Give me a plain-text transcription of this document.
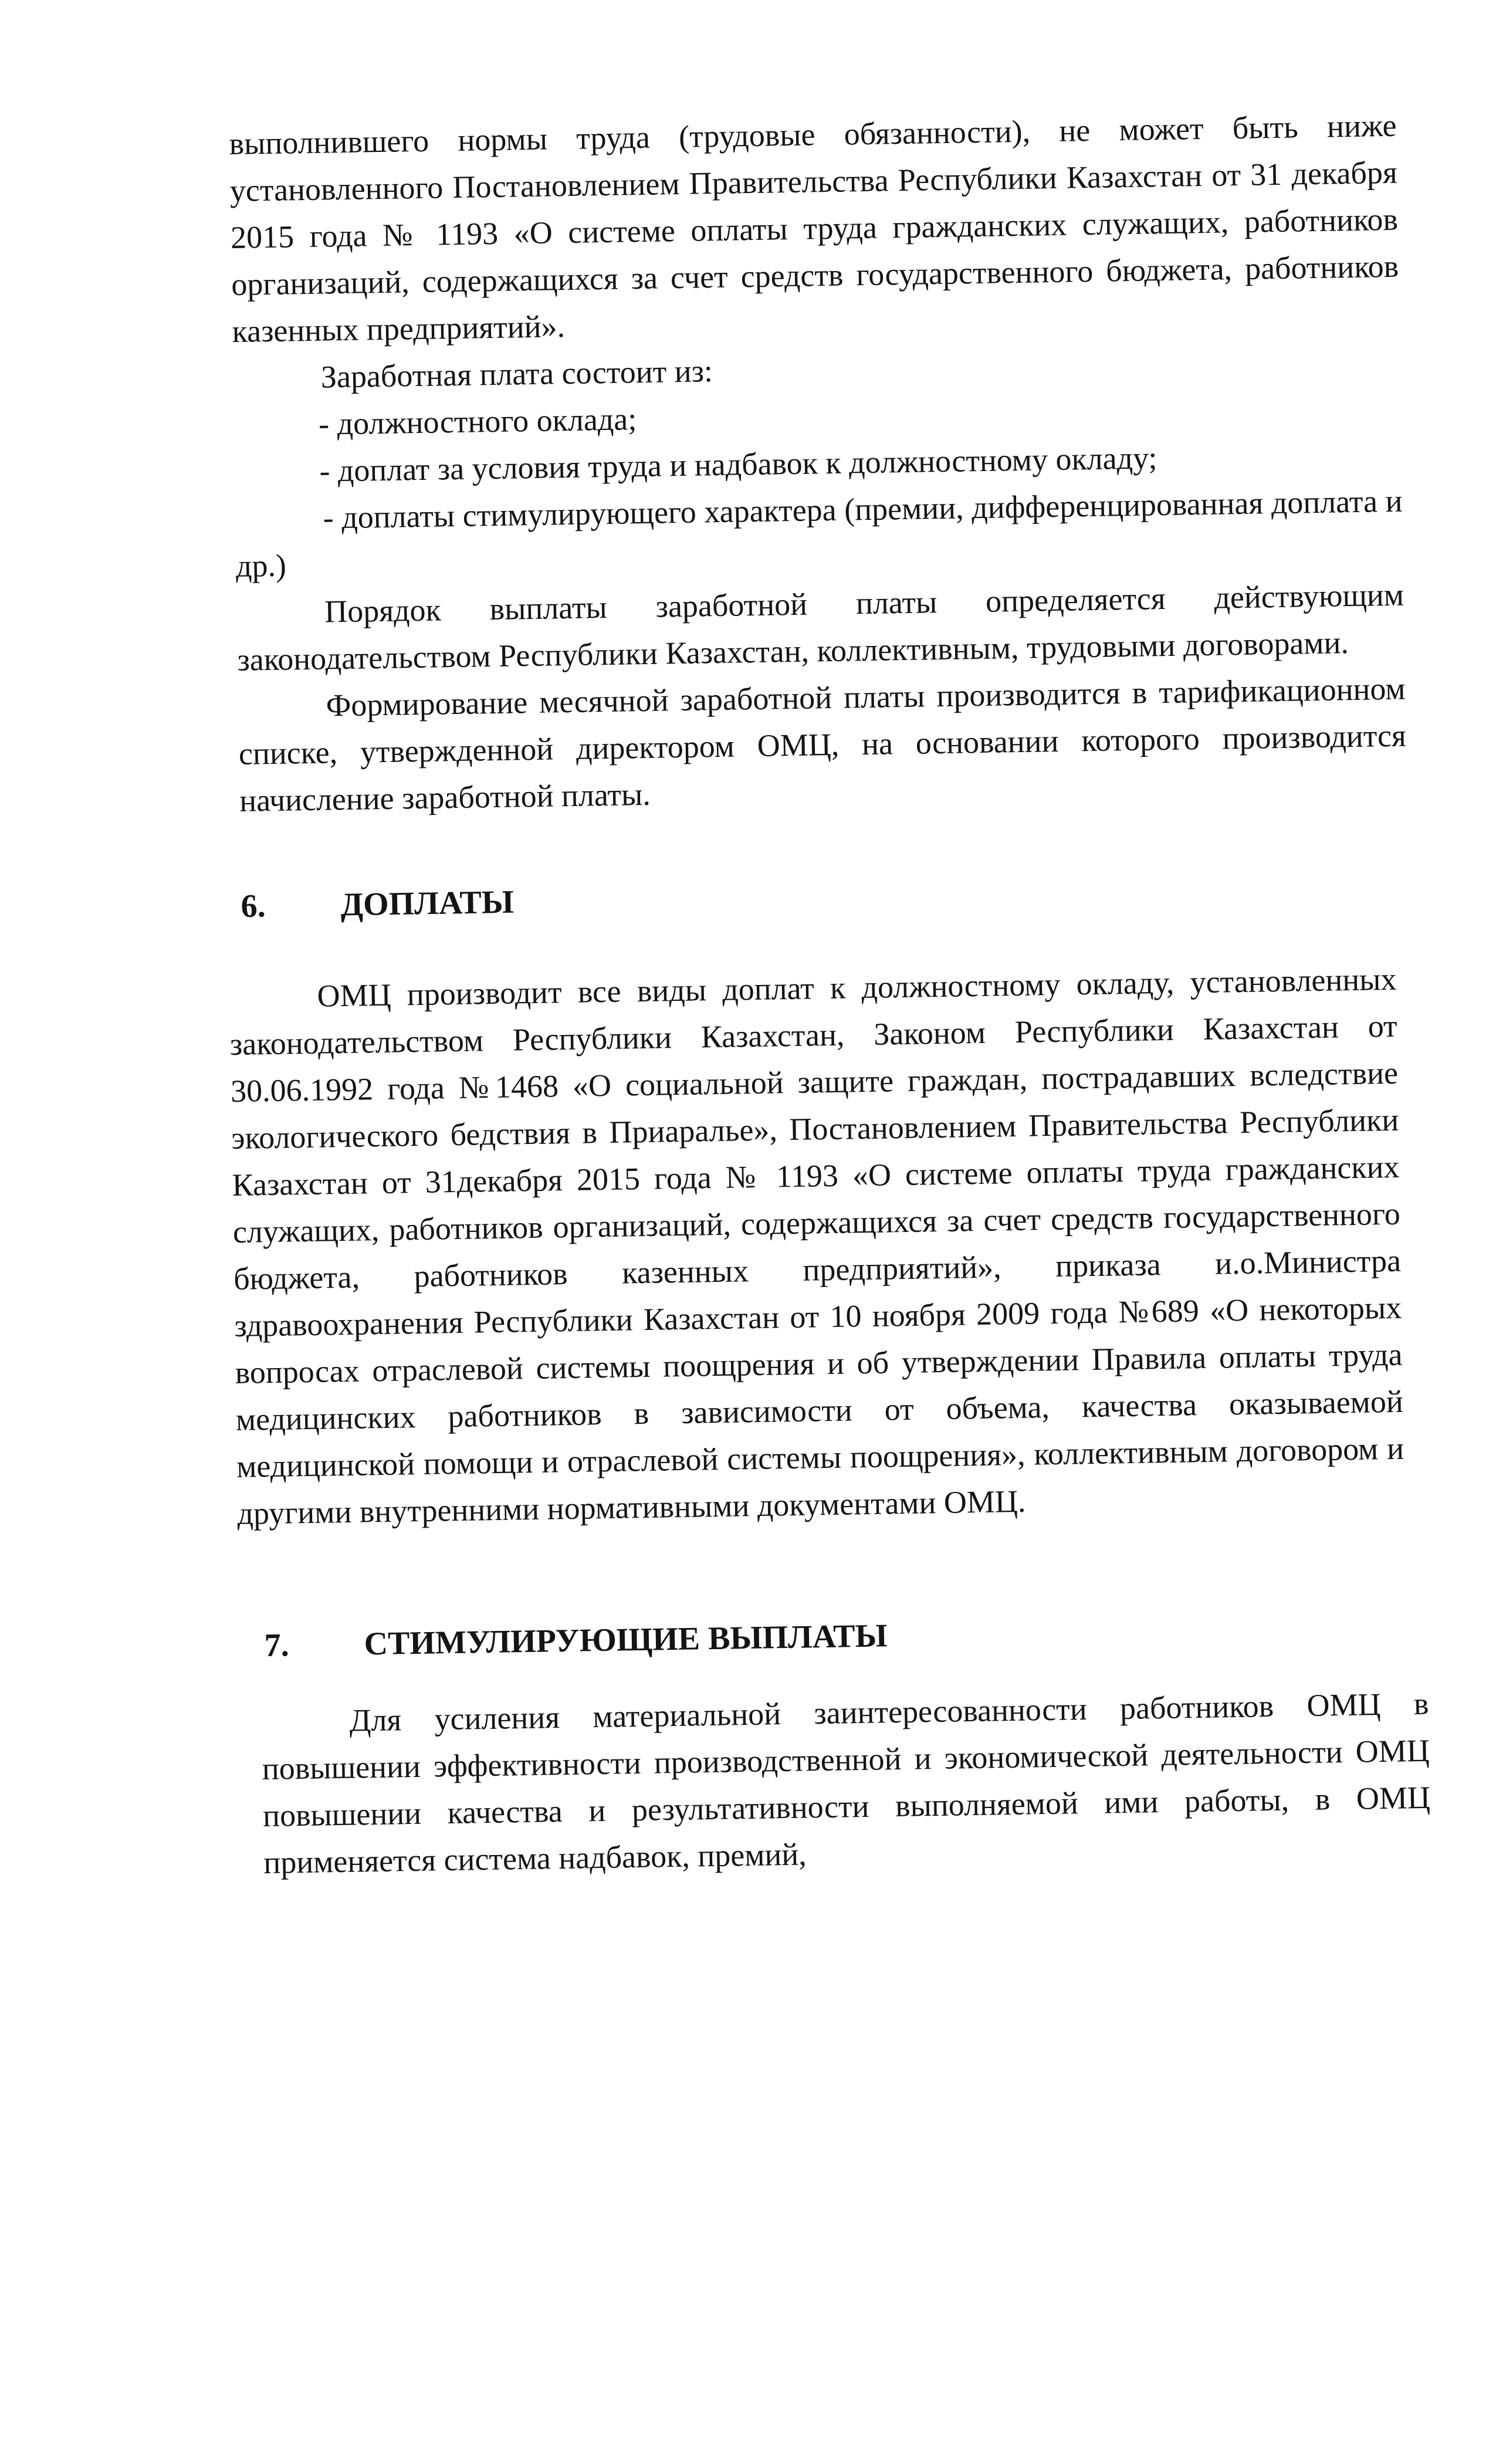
выполнившего нормы труда (трудовые обязанности), не может быть ниже установленного Постановлением Правительства Республики Казахстан от 31 декабря 2015 года № 1193 «О системе оплаты труда гражданских служащих, работников организаций, содержащихся за счет средств государственного бюджета, работников казенных предприятий».

Заработная плата состоит из:

- должностного оклада;

- доплат за условия труда и надбавок к должностному окладу;

- доплаты стимулирующего характера (премии, дифференцированная доплата и др.)

Порядок выплаты заработной платы определяется действующим законодательством Республики Казахстан, коллективным, трудовыми договорами.

Формирование месячной заработной платы производится в тарификационном списке, утвержденной директором ОМЦ, на основании которого производится начисление заработной платы.

6. ДОПЛАТЫ

ОМЦ производит все виды доплат к должностному окладу, установленных законодательством Республики Казахстан, Законом Республики Казахстан от 30.06.1992 года №1468 «О социальной защите граждан, пострадавших вследствие экологического бедствия в Приаралье», Постановлением Правительства Республики Казахстан от 31декабря 2015 года № 1193 «О системе оплаты труда гражданских служащих, работников организаций, содержащихся за счет средств государственного бюджета, работников казенных предприятий», приказа и.о.Министра здравоохранения Республики Казахстан от 10 ноября 2009 года №689 «О некоторых вопросах отраслевой системы поощрения и об утверждении Правила оплаты труда медицинских работников в зависимости от объема, качества оказываемой медицинской помощи и отраслевой системы поощрения», коллективным договором и другими внутренними нормативными документами ОМЦ.

7. СТИМУЛИРУЮЩИЕ ВЫПЛАТЫ

Для усиления материальной заинтересованности работников ОМЦ в повышении эффективности производственной и экономической деятельности ОМЦ повышении качества и результативности выполняемой ими работы, в ОМЦ применяется система надбавок, премий,
